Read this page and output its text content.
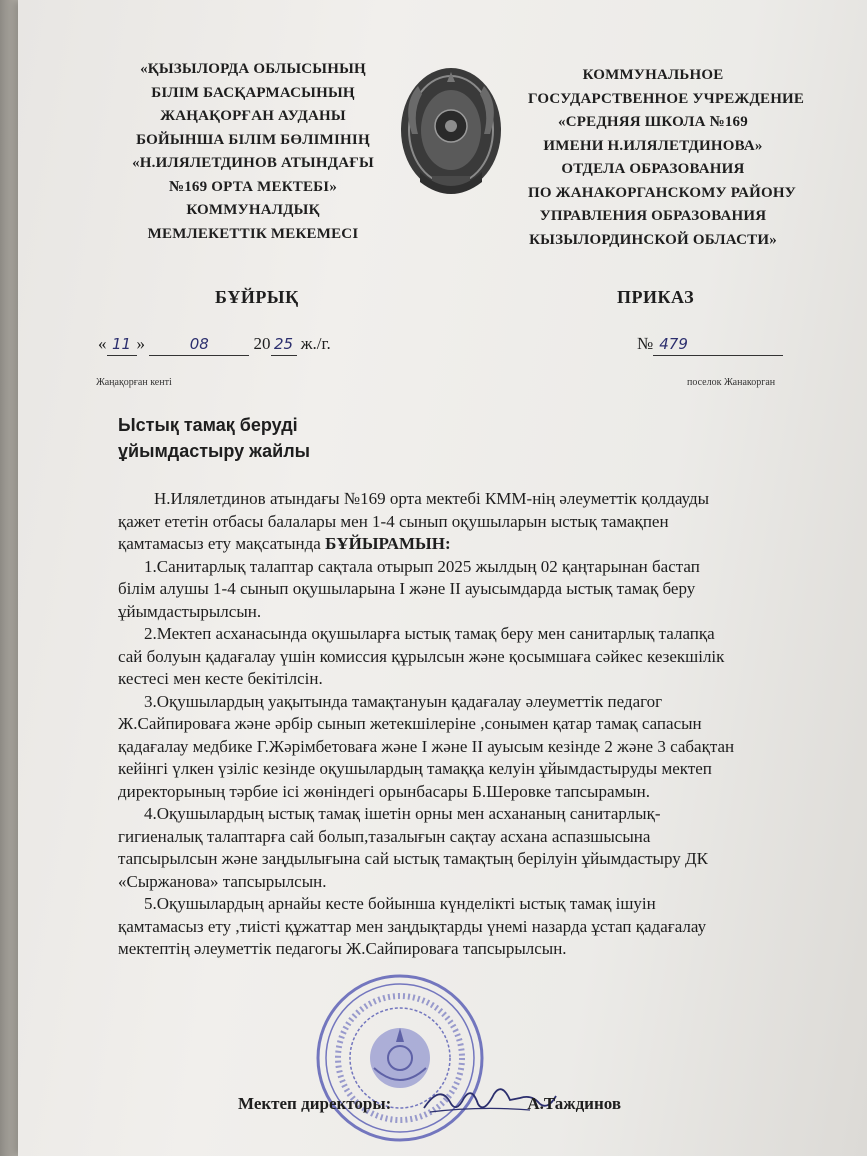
«ҚЫЗЫЛОРДА ОБЛЫСЫНЫҢ
БІЛІМ БАСҚАРМАСЫНЫҢ
ЖАҢАҚОРҒАН АУДАНЫ
БОЙЫНША БІЛІМ БӨЛІМІНІҢ
«Н.ИЛЯЛЕТДИНОВ АТЫНДАҒЫ
№169 ОРТА МЕКТЕБІ»
КОММУНАЛДЫҚ
МЕМЛЕКЕТТІК МЕКЕМЕСІ
КОММУНАЛЬНОЕ
ГОСУДАРСТВЕННОЕ УЧРЕЖДЕНИЕ
«СРЕДНЯЯ ШКОЛА №169
ИМЕНИ Н.ИЛЯЛЕТДИНОВА»
ОТДЕЛА ОБРАЗОВАНИЯ
ПО ЖАНАКОРГАНСКОМУ РАЙОНУ
УПРАВЛЕНИЯ ОБРАЗОВАНИЯ
КЫЗЫЛОРДИНСКОЙ ОБЛАСТИ»
БҰЙРЫҚ	ПРИКАЗ
« 11 »	08	20 25 ж./г.	№ 479
Жаңақорған кенті	поселок Жанакорган
Ыстық тамақ беруді
ұйымдастыру жайлы

Н.Илялетдинов атындағы №169 орта мектебі КММ-нің әлеуметтік қолдауды қажет ететін отбасы балалары мен 1-4 сынып оқушыларын ыстық тамақпен қамтамасыз ету мақсатында БҰЙЫРАМЫН:

1.Санитарлық талаптар сақтала отырып 2025 жылдың 02 қаңтарынан бастап білім алушы 1-4 сынып оқушыларына I және II ауысымдарда ыстық тамақ беру ұйымдастырылсын.

2.Мектеп асханасында оқушыларға ыстық тамақ беру мен санитарлық талапқа сай болуын қадағалау үшін комиссия құрылсын және қосымшаға сәйкес кезекшілік кестесі мен кесте бекітілсін.

3.Оқушылардың уақытында тамақтануын қадағалау әлеуметтік педагог Ж.Сайпироваға және әрбір сынып жетекшілеріне ,сонымен қатар тамақ сапасын қадағалау медбике Г.Жәрімбетоваға және I және II ауысым кезінде 2 және 3 сабақтан кейінгі үлкен үзіліс кезінде оқушылардың тамаққа келуін ұйымдастыруды мектеп директорының тәрбие ісі жөніндегі орынбасары Б.Шеровке тапсырамын.

4.Оқушылардың ыстық тамақ ішетін орны мен асхананың санитарлық-гигиеналық талаптарға сай болып,тазалығын сақтау асхана аспазшысына тапсырылсын және заңдылығына сай ыстық тамақтың берілуін ұйымдастыру ДК «Сыржанова» тапсырылсын.

5.Оқушылардың арнайы кесте бойынша күнделікті ыстық тамақ ішуін қамтамасыз ету ,тиісті құжаттар мен заңдықтарды үнемі назарда ұстап қадағалау мектептің әлеуметтік педагогы Ж.Сайпироваға тапсырылсын.

Мектеп директоры:	А.Таждинов
